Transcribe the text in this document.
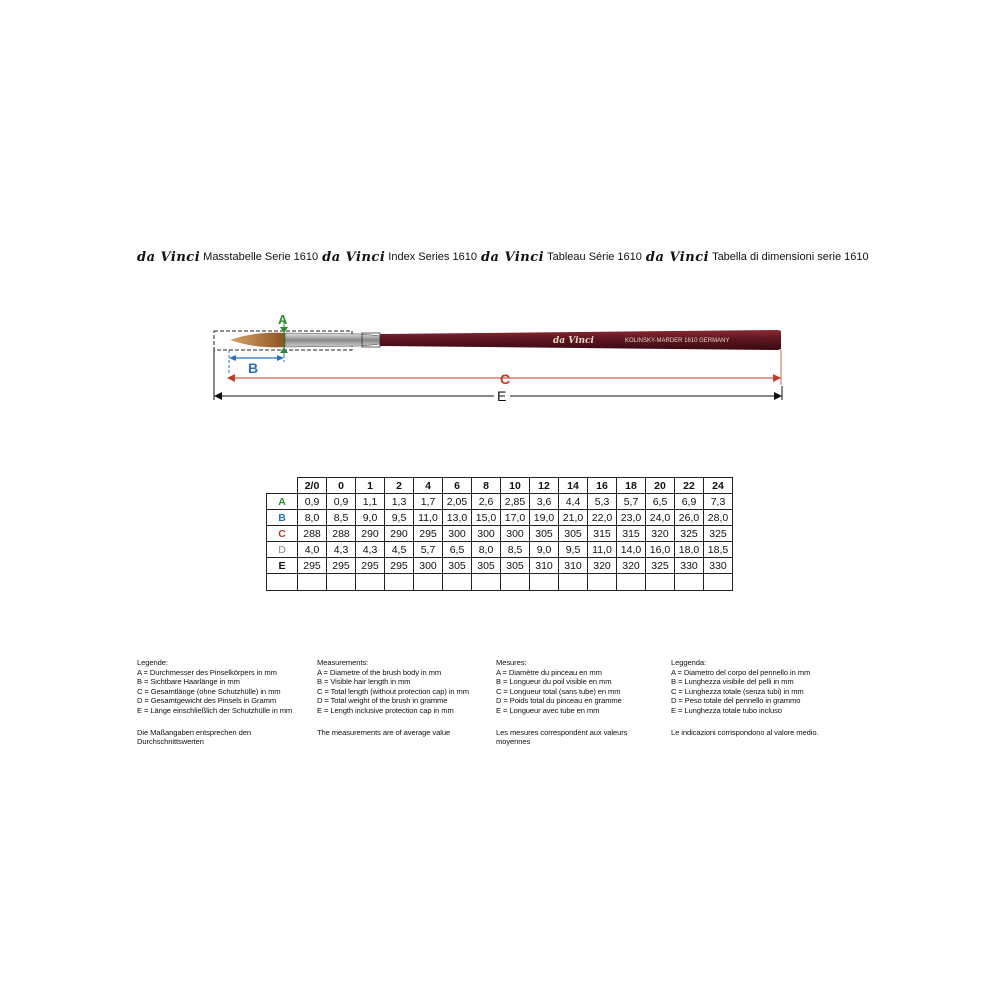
da Vinci Masstabelle Serie 1610 da Vinci Index Series 1610 da Vinci Tableau Série 1610 da Vinci Tabella di dimensioni serie 1610
da Vinci	KOLINSKY-MARDER 1610 GERMANY
A
B
C
E
	2/0	0	1	2	4	6	8	10	12	14	16	18	20	22	24
A	0,9	0,9	1,1	1,3	1,7	2,05	2,6	2,85	3,6	4,4	5,3	5,7	6,5	6,9	7,3
B	8,0	8,5	9,0	9,5	11,0	13,0	15,0	17,0	19,0	21,0	22,0	23,0	24,0	26,0	28,0
C	288	288	290	290	295	300	300	300	305	305	315	315	320	325	325
D	4,0	4,3	4,3	4,5	5,7	6,5	8,0	8,5	9,0	9,5	11,0	14,0	16,0	18,0	18,5
E	295	295	295	295	300	305	305	305	310	310	320	320	325	330	330

Legende:
A = Durchmesser des Pinselkörpers in mm
B = Sichtbare Haarlänge in mm
C = Gesamtlänge (ohne Schutzhülle) in mm
D = Gesamtgewicht des Pinsels in Gramm
E = Länge einschließlich der Schutzhülle in mm
Die Maßangaben entsprechen den Durchschnittswerten
Measurements:
A = Diametre of the brush body in mm
B = Visible hair length in mm
C = Total length (without protection cap) in mm
D = Total weight of the brush in gramme
E = Length inclusive protection cap in mm
The measurements are of average value
Mesures:
A = Diamètre du pinceau en mm
B = Longueur du poil visible en mm
C = Longueur total (sans tube) en mm
D = Poids total du pinceau en gramme
E = Longueur avec tube en mm
Les mesures correspondent aux valeurs moyennes
Leggenda:
A = Diametro del corpo del pennello in mm
B = Lunghezza visibile del pelli in mm
C = Lunghezza totale (senza tubi) in mm
D = Peso totale del pennello in grammo
E = Lunghezza totale tubo incluso
Le indicazioni corrispondono al valore medio.
